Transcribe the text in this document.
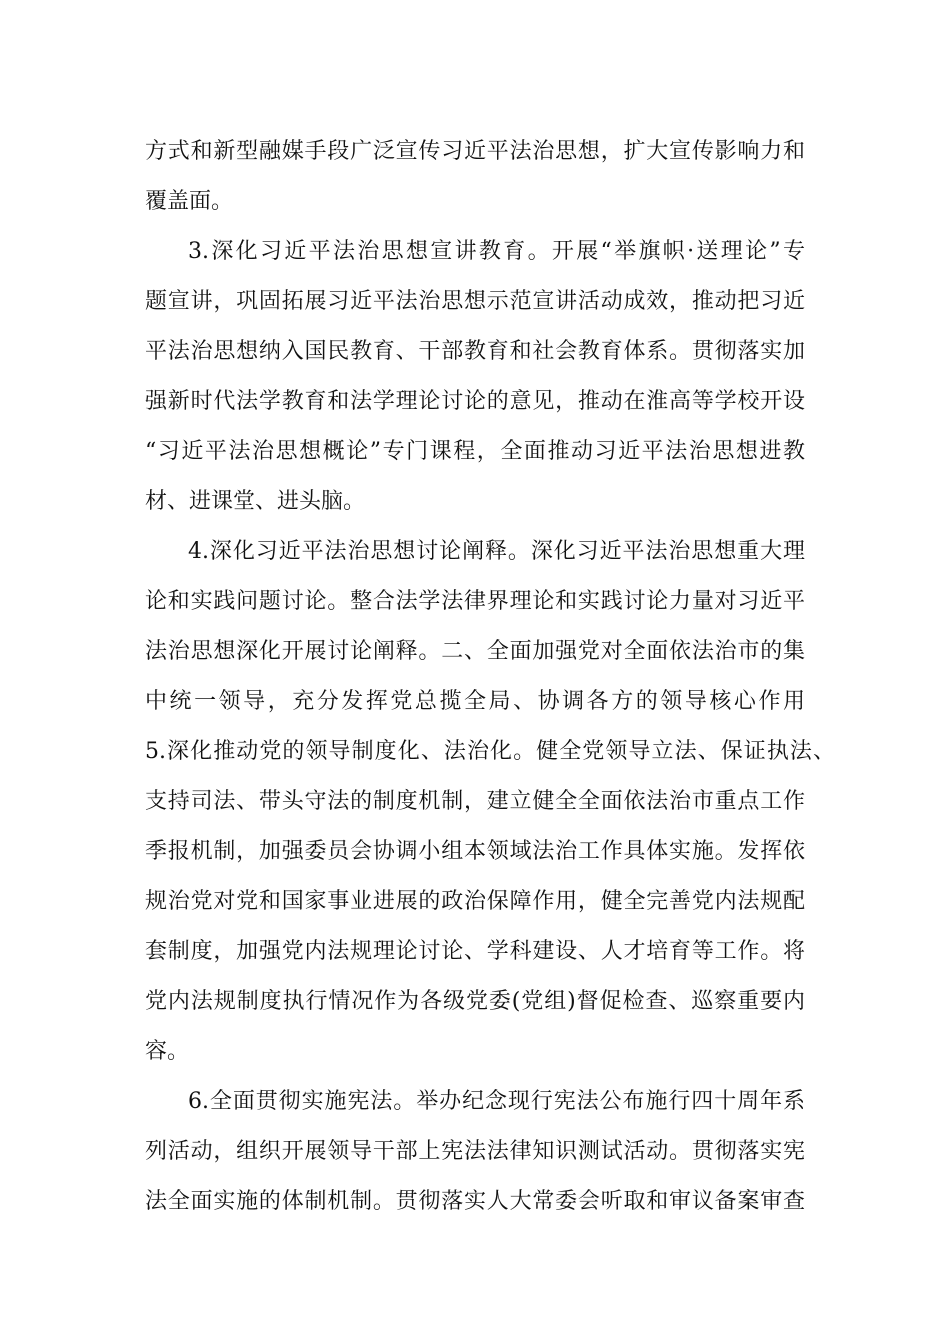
方式和新型融媒手段广泛宣传习近平法治思想，扩大宣传影响力和
覆盖面。
3.深化习近平法治思想宣讲教育。开展“举旗帜·送理论”专
题宣讲，巩固拓展习近平法治思想示范宣讲活动成效，推动把习近
平法治思想纳入国民教育、干部教育和社会教育体系。贯彻落实加
强新时代法学教育和法学理论讨论的意见，推动在淮高等学校开设
“习近平法治思想概论”专门课程，全面推动习近平法治思想进教
材、进课堂、进头脑。
4.深化习近平法治思想讨论阐释。深化习近平法治思想重大理
论和实践问题讨论。整合法学法律界理论和实践讨论力量对习近平
法治思想深化开展讨论阐释。二、全面加强党对全面依法治市的集
中统一领导，充分发挥党总揽全局、协调各方的领导核心作用
5.深化推动党的领导制度化、法治化。健全党领导立法、保证执法、
支持司法、带头守法的制度机制，建立健全全面依法治市重点工作
季报机制，加强委员会协调小组本领域法治工作具体实施。发挥依
规治党对党和国家事业进展的政治保障作用，健全完善党内法规配
套制度，加强党内法规理论讨论、学科建设、人才培育等工作。将
党内法规制度执行情况作为各级党委(党组)督促检查、巡察重要内
容。
6.全面贯彻实施宪法。举办纪念现行宪法公布施行四十周年系
列活动，组织开展领导干部上宪法法律知识测试活动。贯彻落实宪
法全面实施的体制机制。贯彻落实人大常委会听取和审议备案审查
